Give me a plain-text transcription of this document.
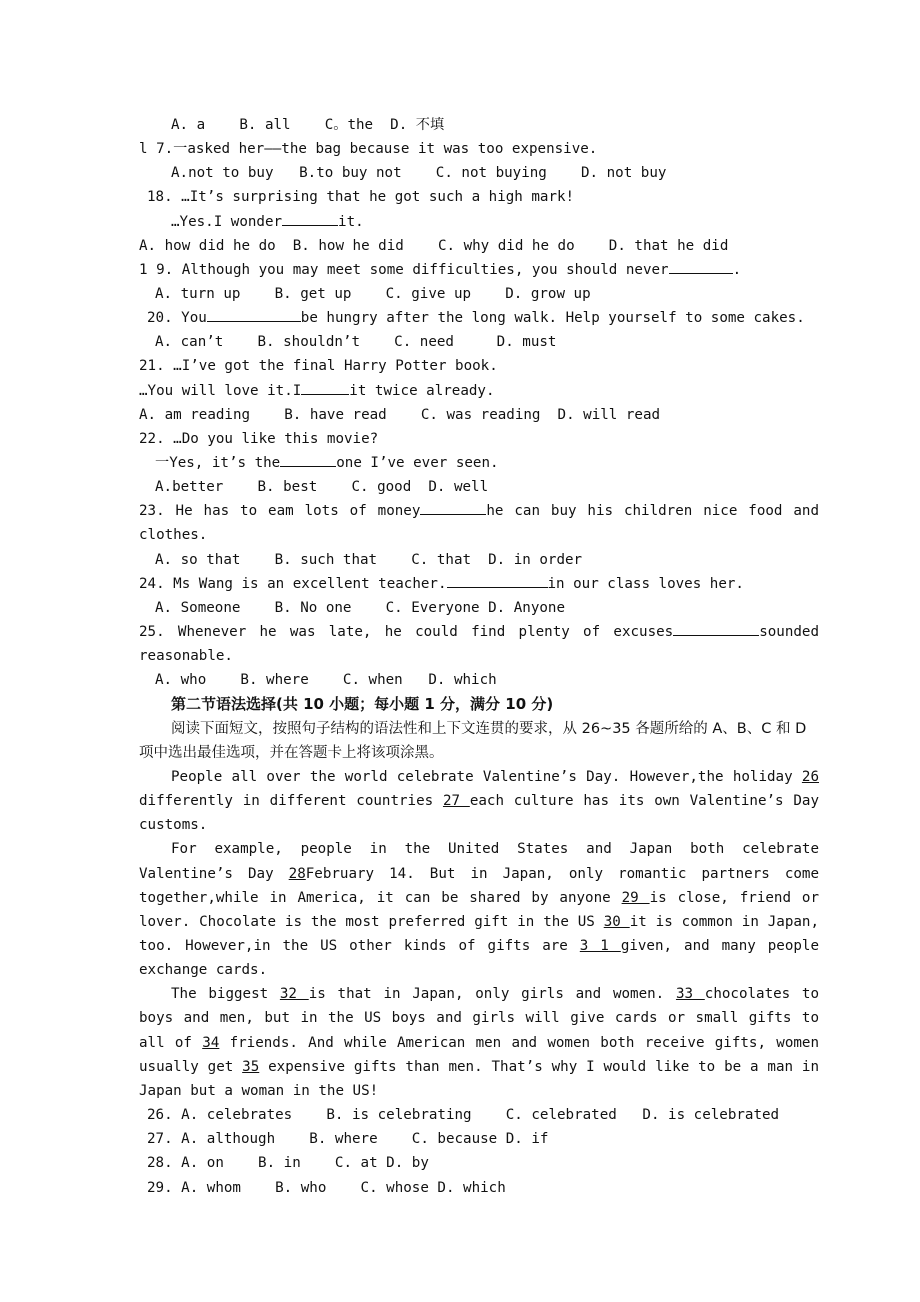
A. a    B. all    C。the  D. 不填
l 7.一asked her——the bag because it was too expensive.
A.not to buy   B.to buy not    C. not buying    D. not buy
18. …It’s surprising that he got such a high mark!
…Yes.I wonder	it.
A. how did he do  B. how he did    C. why did he do    D. that he did
1 9. Although you may meet some difficulties, you should never	.
A. turn up    B. get up    C. give up    D. grow up
20. You	be hungry after the long walk. Help yourself to some cakes.
A. can’t    B. shouldn’t    C. need     D. must
21. …I’ve got the final Harry Potter book.
…You will love it.I	it twice already.
A. am reading    B. have read    C. was reading  D. will read
22. …Do you like this movie?
一Yes, it’s the	one I’ve ever seen.
A.better    B. best    C. good  D. well
23. He has to eam lots of money	he can buy his children nice food and clothes.
A. so that    B. such that    C. that  D. in order
24. Ms Wang is an excellent teacher.	in our class loves her.
A. Someone    B. No one    C. Everyone D. Anyone
25. Whenever he was late, he could find plenty of excuses	sounded reasonable.
A. who    B. where    C. when   D. which
第二节语法选择(共 10 小题；每小题 1 分，满分 10 分)
阅读下面短文，按照句子结构的语法性和上下文连贯的要求，从 26~35 各题所给的 A、B、C 和 D 项中选出最佳选项，并在答题卡上将该项涂黑。
People all over the world celebrate Valentine’s Day. However,the holiday 26 differently in different countries 27 each culture has its own Valentine’s Day customs.
For example, people in the United States and Japan both celebrate Valentine’s Day 28February 14. But in Japan, only romantic partners come together,while in America, it can be shared by anyone 29 is close, friend or lover. Chocolate is the most preferred gift in the US 30 it is common in Japan, too. However,in the US other kinds of gifts are 3 1 given, and many people exchange cards.
The biggest 32 is that in Japan, only girls and women. 33 chocolates to boys and men, but in the US boys and girls will give cards or small gifts to all of 34 friends. And while American men and women both receive gifts, women usually get 35 expensive gifts than men. That’s why I would like to be a man in Japan but a woman in the US!
26. A. celebrates    B. is celebrating    C. celebrated   D. is celebrated
27. A. although    B. where    C. because D. if
28. A. on    B. in    C. at D. by
29. A. whom    B. who    C. whose D. which
